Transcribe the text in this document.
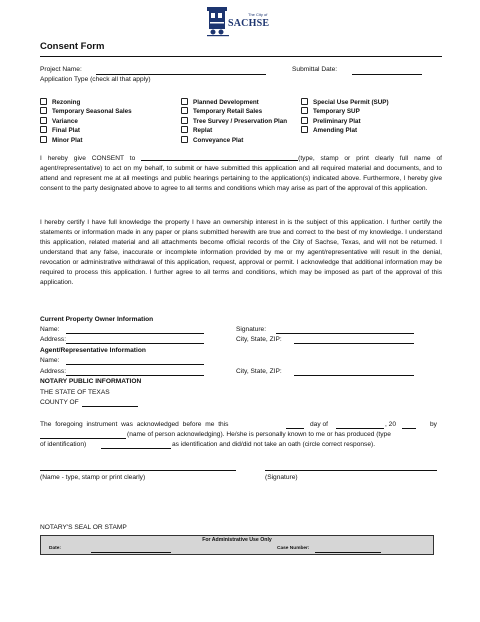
The City of
SACHSE
Consent Form
Project Name:	Submittal Date:
Application Type (check all that apply)
Rezoning
Temporary Seasonal Sales
Variance
Final Plat
Minor Plat
Planned Development
Temporary Retail Sales
Tree Survey / Preservation Plan
Replat
Conveyance Plat
Special Use Permit (SUP)
Temporary SUP
Preliminary Plat
Amending Plat

I hereby give CONSENT to	(type, stamp or print clearly full name of agent/representative) to act on my behalf, to submit or have submitted this application and all required material and documents, and to attend and represent me at all meetings and public hearings pertaining to the application(s) indicated above. Furthermore, I hereby give consent to the party designated above to agree to all terms and conditions which may arise as part of the approval of this application.

I hereby certify I have full knowledge the property I have an ownership interest in is the subject of this application. I further certify the statements or information made in any paper or plans submitted herewith are true and correct to the best of my knowledge. I understand this application, related material and all attachments become official records of the City of Sachse, Texas, and will not be returned. I understand that any false, inaccurate or incomplete information provided by me or my agent/representative will result in the denial, revocation or administrative withdrawal of this application, request, approval or permit. I acknowledge that additional information may be required to process this application. I further agree to all terms and conditions, which may be imposed as part of the approval of this application.

Current Property Owner Information
Name:	Signature:
Address:	City, State, ZIP:
Agent/Representative Information
Name:
Address:	City, State, ZIP:
NOTARY PUBLIC INFORMATION
THE STATE OF TEXAS
COUNTY OF
The foregoing instrument was acknowledged before me this	day of	, 20	by
(name of person acknowledging). He/she is personally known to me or has produced (type
of identification)	as identification and did/did not take an oath (circle correct response).
(Name - type, stamp or print clearly)	(Signature)
NOTARY'S SEAL OR STAMP
For Administrative Use Only
Date:	Case Number:
